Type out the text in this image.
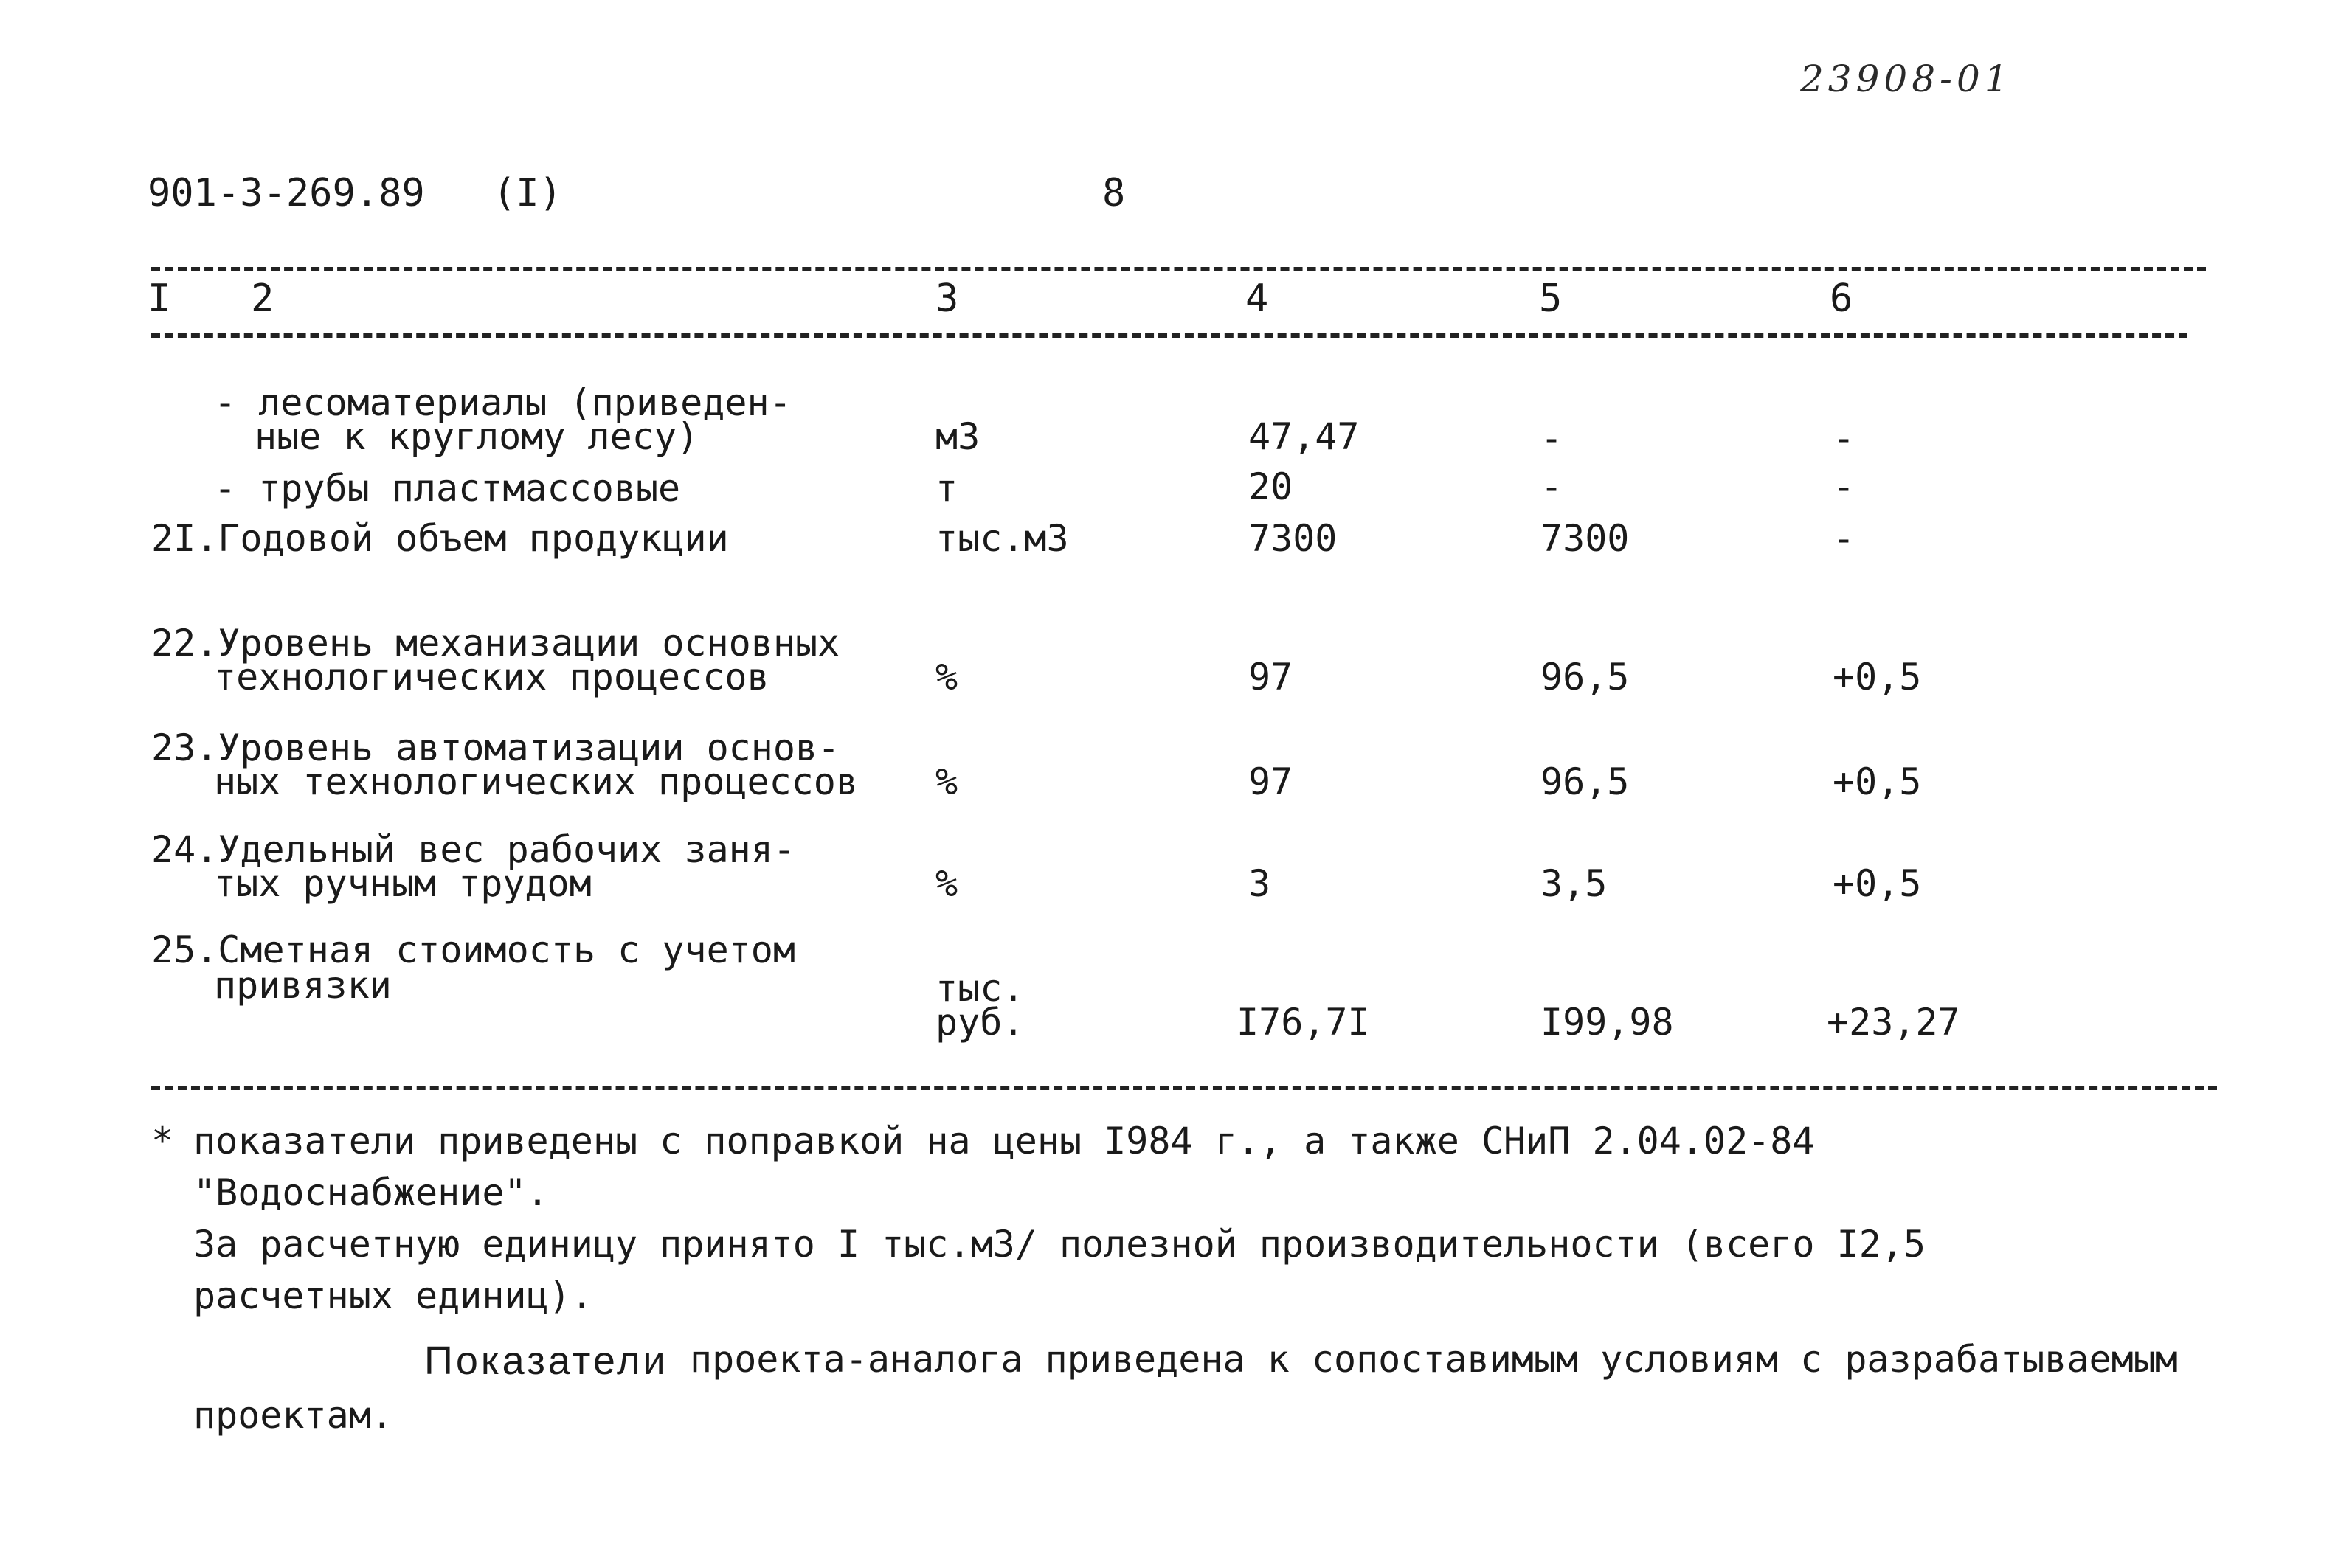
23908-01
901-3-269.89 (I)	8
I 2	3	4	5	6
- лесоматериалы (приведен-
ные к круглому лесу)	м3	47,47	-	-
- трубы пластмассовые	т	20	-	-
2I.Годовой объем продукции	тыс.м3	7300	7300	-
22.Уровень механизации основных
технологических процессов	%	97	96,5	+0,5
23.Уровень автоматизации основ-
ных технологических процессов %	97	96,5	+0,5
24.Удельный вес рабочих заня-
тых ручным трудом	%	3	3,5	+0,5
25.Сметная стоимость с учетом
привязки	тыс.
руб.	I76,7I	I99,98	+23,27
* показатели приведены с поправкой на цены I984 г., а также СНиП 2.04.02-84
"Водоснабжение".
За расчетную единицу принято I тыс.м3/ полезной производительности (всего I2,5
расчетных единиц).
Показатели проекта-аналога приведена к сопоставимым условиям с разрабатываемым
проектам.
